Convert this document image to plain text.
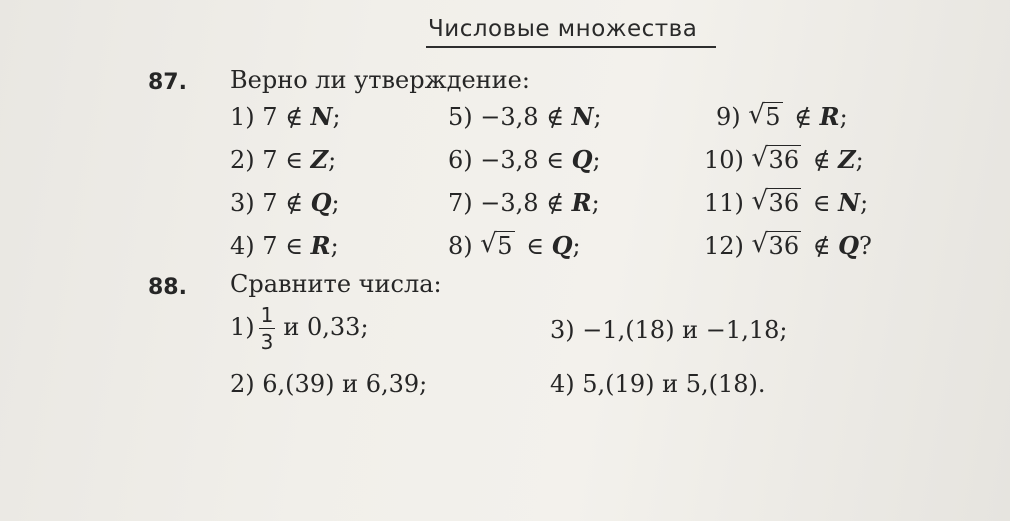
Числовые множества
87. Верно ли утверждение:
1) 7 ∉ N;
2) 7 ∈ Z;
3) 7 ∉ Q;
4) 7 ∈ R;
5) −3,8 ∉ N;
6) −3,8 ∈ Q;
7) −3,8 ∉ R;
8) √ 5 ∈ Q;
9) √ 5 ∉ R;
10) √ 36 ∉ Z;
11) √ 36 ∈ N;
12) √ 36 ∉ Q?
88. Сравните числа:
$1) \frac{1}{3}$ и 0,33;
2) 6,(39) и 6,39;
3) −1,(18) и −1,18;
4) 5,(19) и 5,(18).
